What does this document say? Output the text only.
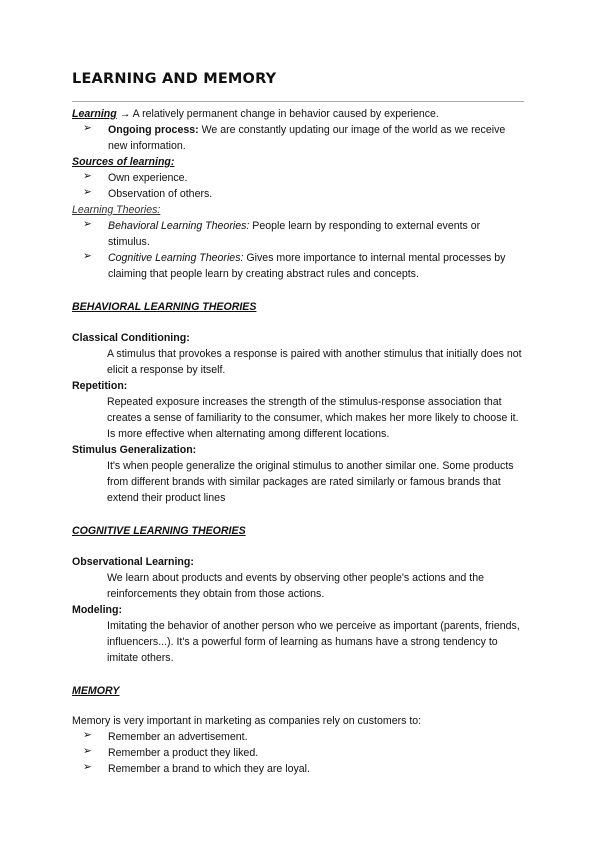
LEARNING AND MEMORY
Learning → A relatively permanent change in behavior caused by experience.
➢	Ongoing process: We are constantly updating our image of the world as we receive new information.
Sources of learning:
➢	Own experience.
➢	Observation of others.
Learning Theories:
➢	Behavioral Learning Theories: People learn by responding to external events or stimulus.
➢	Cognitive Learning Theories: Gives more importance to internal mental processes by claiming that people learn by creating abstract rules and concepts.
BEHAVIORAL LEARNING THEORIES
Classical Conditioning:
A stimulus that provokes a response is paired with another stimulus that initially does not elicit a response by itself.
Repetition:
Repeated exposure increases the strength of the stimulus-response association that creates a sense of familiarity to the consumer, which makes her more likely to choose it. Is more effective when alternating among different locations.
Stimulus Generalization:
It's when people generalize the original stimulus to another similar one. Some products from different brands with similar packages are rated similarly or famous brands that extend their product lines
COGNITIVE LEARNING THEORIES
Observational Learning:
We learn about products and events by observing other people's actions and the reinforcements they obtain from those actions.
Modeling:
Imitating the behavior of another person who we perceive as important (parents, friends, influencers...). It's a powerful form of learning as humans have a strong tendency to imitate others.
MEMORY
Memory is very important in marketing as companies rely on customers to:
➢	Remember an advertisement.
➢	Remember a product they liked.
➢	Remember a brand to which they are loyal.
